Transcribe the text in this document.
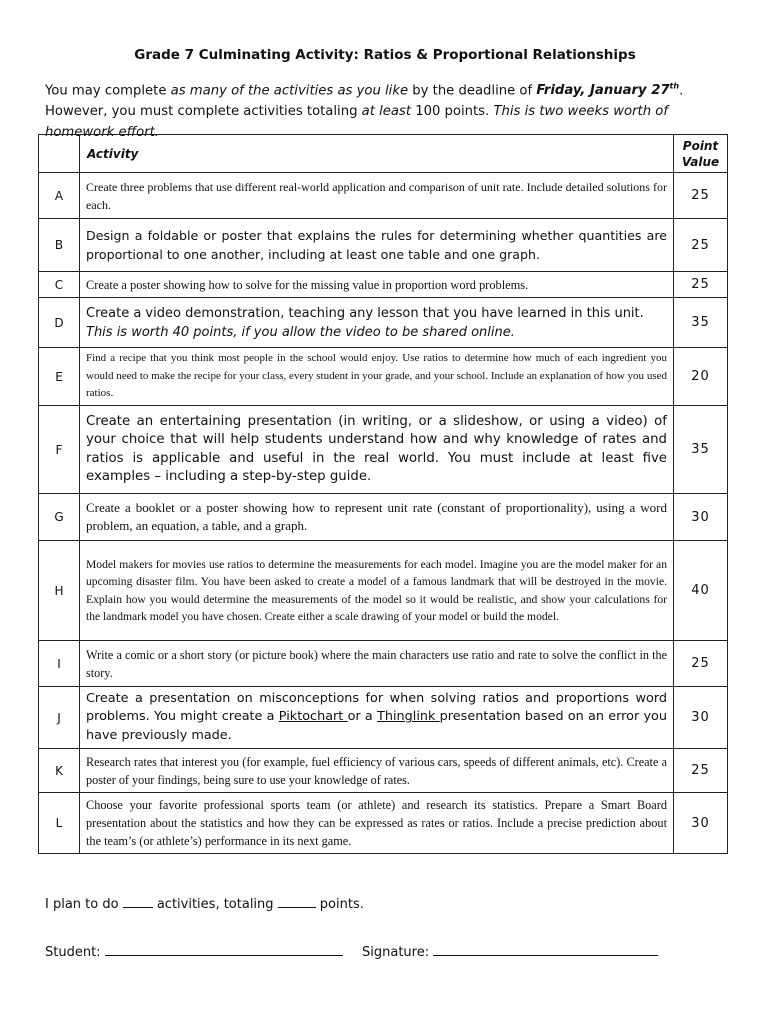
Grade 7 Culminating Activity: Ratios & Proportional Relationships
You may complete as many of the activities as you like by the deadline of Friday, January 27th. However, you must complete activities totaling at least 100 points. This is two weeks worth of homework effort.
	Activity	Point
Value
A	Create three problems that use different real-world application and comparison of unit rate. Include detailed solutions for each.	25
B	Design a foldable or poster that explains the rules for determining whether quantities are proportional to one another, including at least one table and one graph.	25
C	Create a poster showing how to solve for the missing value in proportion word problems.	25
D	Create a video demonstration, teaching any lesson that you have learned in this unit.
This is worth 40 points, if you allow the video to be shared online.	35
E	Find a recipe that you think most people in the school would enjoy. Use ratios to determine how much of each ingredient you would need to make the recipe for your class, every student in your grade, and your school. Include an explanation of how you used ratios.	20
F	Create an entertaining presentation (in writing, or a slideshow, or using a video) of your choice that will help students understand how and why knowledge of rates and ratios is applicable and useful in the real world. You must include at least five examples – including a step-by-step guide.	35
G	Create a booklet or a poster showing how to represent unit rate (constant of proportionality), using a word problem, an equation, a table, and a graph.	30
H	Model makers for movies use ratios to determine the measurements for each model. Imagine you are the model maker for an upcoming disaster film. You have been asked to create a model of a famous landmark that will be destroyed in the movie. Explain how you would determine the measurements of the model so it would be realistic, and show your calculations for the landmark model you have chosen. Create either a scale drawing of your model or build the model.	40
I	Write a comic or a short story (or picture book) where the main characters use ratio and rate to solve the conflict in the story.	25
J	Create a presentation on misconceptions for when solving ratios and proportions word problems. You might create a Piktochart or a Thinglink presentation based on an error you have previously made.	30
K	Research rates that interest you (for example, fuel efficiency of various cars, speeds of different animals, etc). Create a poster of your findings, being sure to use your knowledge of rates.	25
L	Choose your favorite professional sports team (or athlete) and research its statistics. Prepare a Smart Board presentation about the statistics and how they can be expressed as rates or ratios. Include a precise prediction about the team’s (or athlete’s) performance in its next game.	30
I plan to do  activities, totaling	points.
Student:	Signature:
